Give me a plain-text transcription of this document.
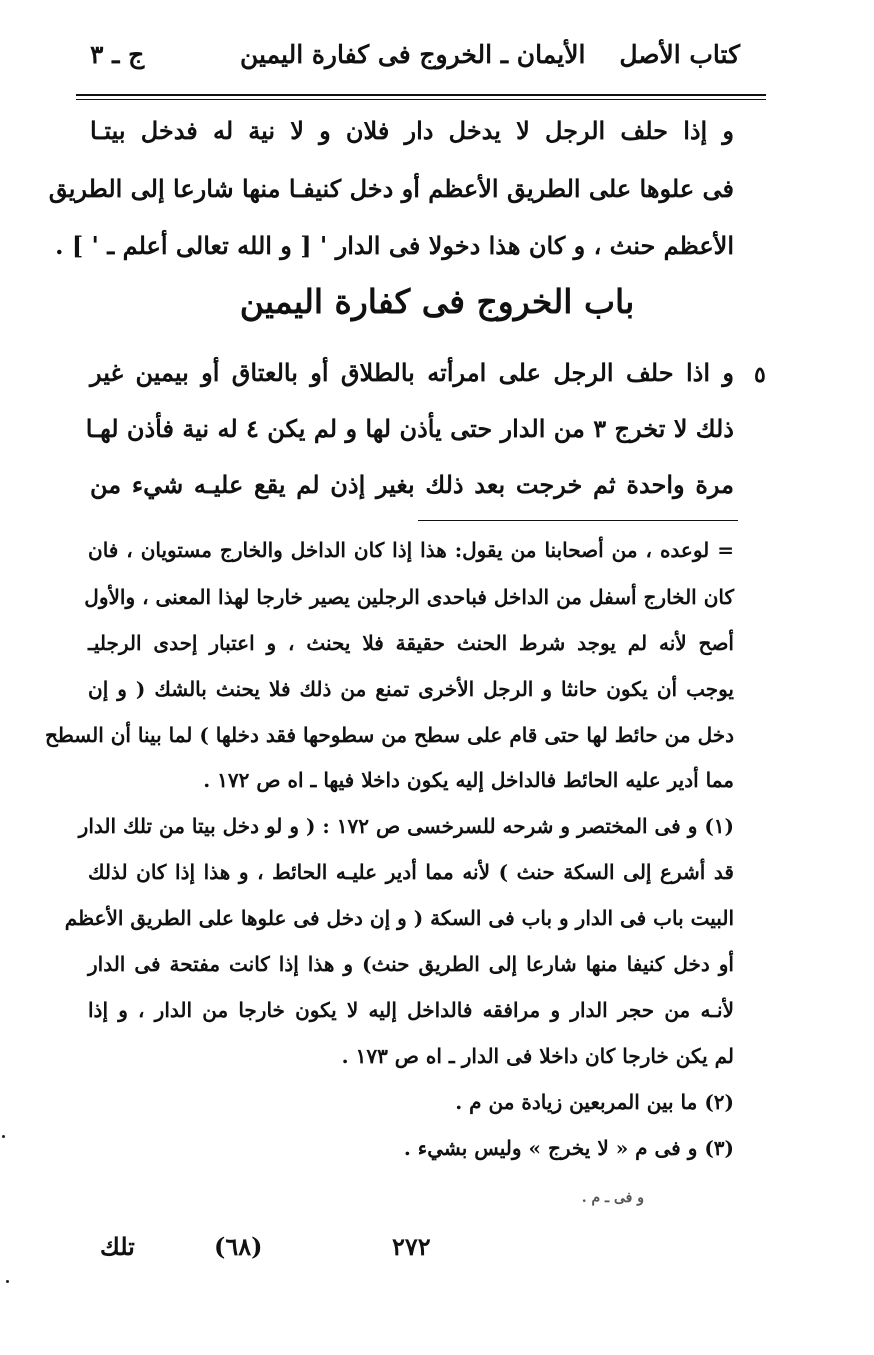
كتاب الأصل
الأيمان ـ الخروج فى كفارة اليمين
ج ـ ٣
و إذا حلف الرجل لا يدخل دار فلان و لا نية له فدخل بيتـا
فى علوها على الطريق الأعظم أو دخل كنيفـا منها شارعا إلى الطريق
الأعظم حنث ، و كان هذا دخولا فى الدار ' [ و الله تعالى أعلم ـ ' ] .
باب الخروج فى كفارة اليمين
٥
و اذا حلف الرجل على امرأته بالطلاق أو بالعتاق أو بيمين غير
ذلك لا تخرج ٣ من الدار حتى يأذن لها و لم يكن ٤ له نية فأذن لهـا
مرة واحدة ثم خرجت بعد ذلك بغير إذن لم يقع عليـه شيء من
= لوعده ، من أصحابنا من يقول: هذا إذا كان الداخل والخارج مستويان ، فان
كان الخارج أسفل من الداخل فباحدى الرجلين يصير خارجا لهذا المعنى ، والأول
أصح لأنه لم يوجد شرط الحنث حقيقة فلا يحنث ، و اعتبار إحدى الرجليـ
يوجب أن يكون حانثا و الرجل الأخرى تمنع من ذلك فلا يحنث بالشك ( و إن
دخل من حائط لها حتى قام على سطح من سطوحها فقد دخلها ) لما بينا أن السطح
مما أدير عليه الحائط فالداخل إليه يكون داخلا فيها ـ اه ص ١٧٢ .
(١) و فى المختصر و شرحه للسرخسى ص ١٧٢ : ( و لو دخل بيتا من تلك الدار
قد أشرع إلى السكة حنث ) لأنه مما أدير عليـه الحائط ، و هذا إذا كان لذلك
البيت باب فى الدار و باب فى السكة ( و إن دخل فى علوها على الطريق الأعظم
أو دخل كنيفا منها شارعا إلى الطريق حنث) و هذا إذا كانت مفتحة فى الدار
لأنـه من حجر الدار و مرافقه فالداخل إليه لا يكون خارجا من الدار ، و إذا
لم يكن خارجا كان داخلا فى الدار ـ اه ص ١٧٣ .
(٢) ما بين المربعين زيادة من م .
(٣) و فى م « لا يخرج » وليس بشيء .
و فى ـ م .
٢٧٢
(٦٨)
تلك
